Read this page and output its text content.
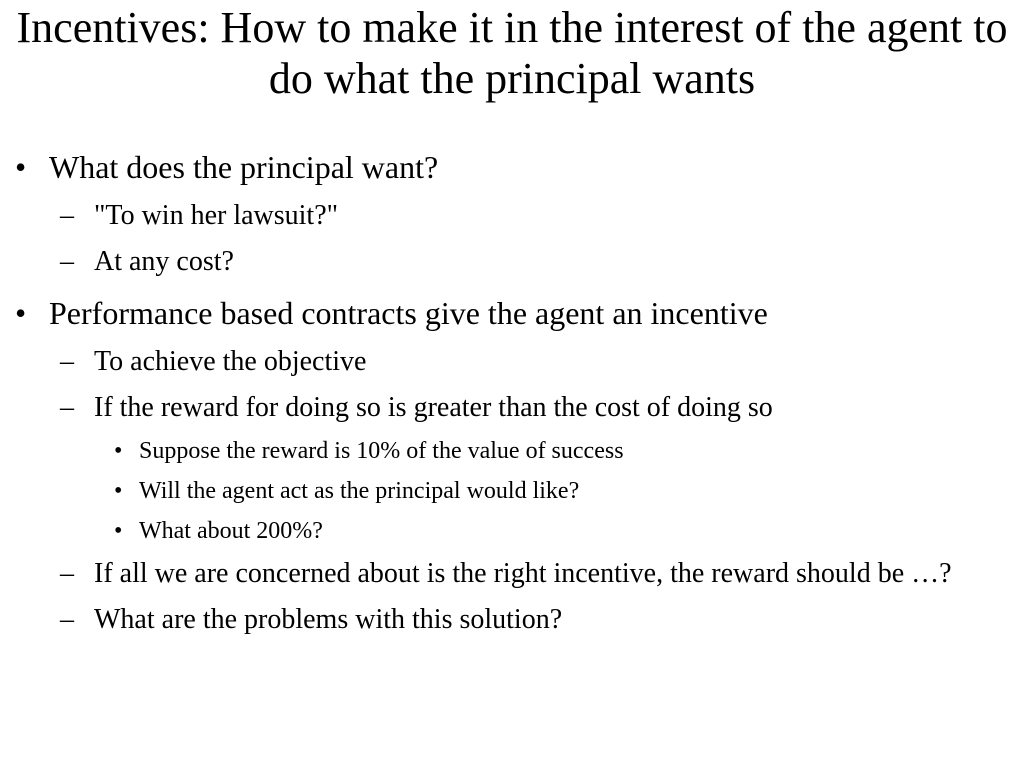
Incentives: How to make it in the interest of the agent to do what the principal wants
• What does the principal want?
– "To win her lawsuit?"
– At any cost?
• Performance based contracts give the agent an incentive
– To achieve the objective
– If the reward for doing so is greater than the cost of doing so
• Suppose the reward is 10% of the value of success
• Will the agent act as the principal would like?
• What about 200%?
– If all we are concerned about is the right incentive, the reward should be …?
– What are the problems with this solution?
